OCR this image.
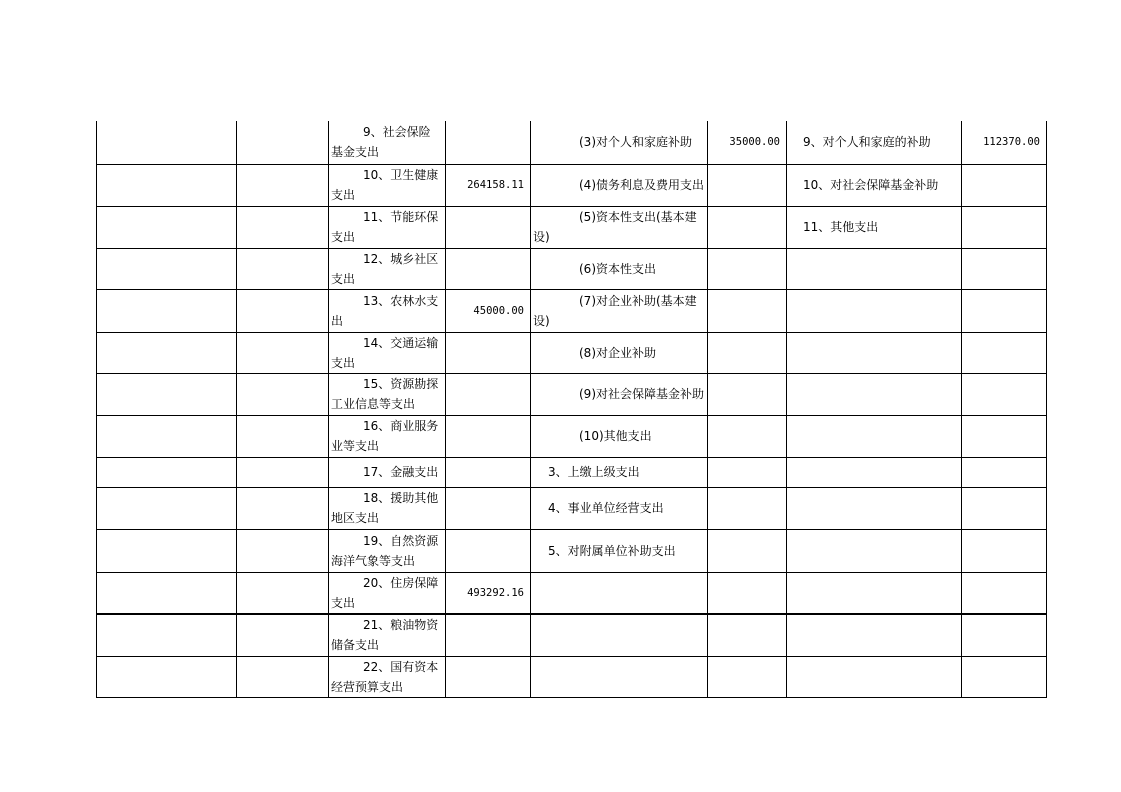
		9、社会保险基金支出		(3)对个人和家庭补助	35000.00	9、对个人和家庭的补助	112370.00

		10、卫生健康支出	264158.11	(4)债务利息及费用支出		10、对社会保障基金补助	

		11、节能环保支出		(5)资本性支出(基本建设)		11、其他支出	

		12、城乡社区支出		(6)资本性支出			

		13、农林水支出	45000.00	(7)对企业补助(基本建设)			

		14、交通运输支出		(8)对企业补助			

		15、资源勘探工业信息等支出		(9)对社会保障基金补助			

		16、商业服务业等支出		(10)其他支出			

		17、金融支出		3、上缴上级支出			

		18、援助其他地区支出		4、事业单位经营支出			

		19、自然资源海洋气象等支出		5、对附属单位补助支出			

		20、住房保障支出	493292.16	

		21、粮油物资储备支出					

		22、国有资本经营预算支出					
